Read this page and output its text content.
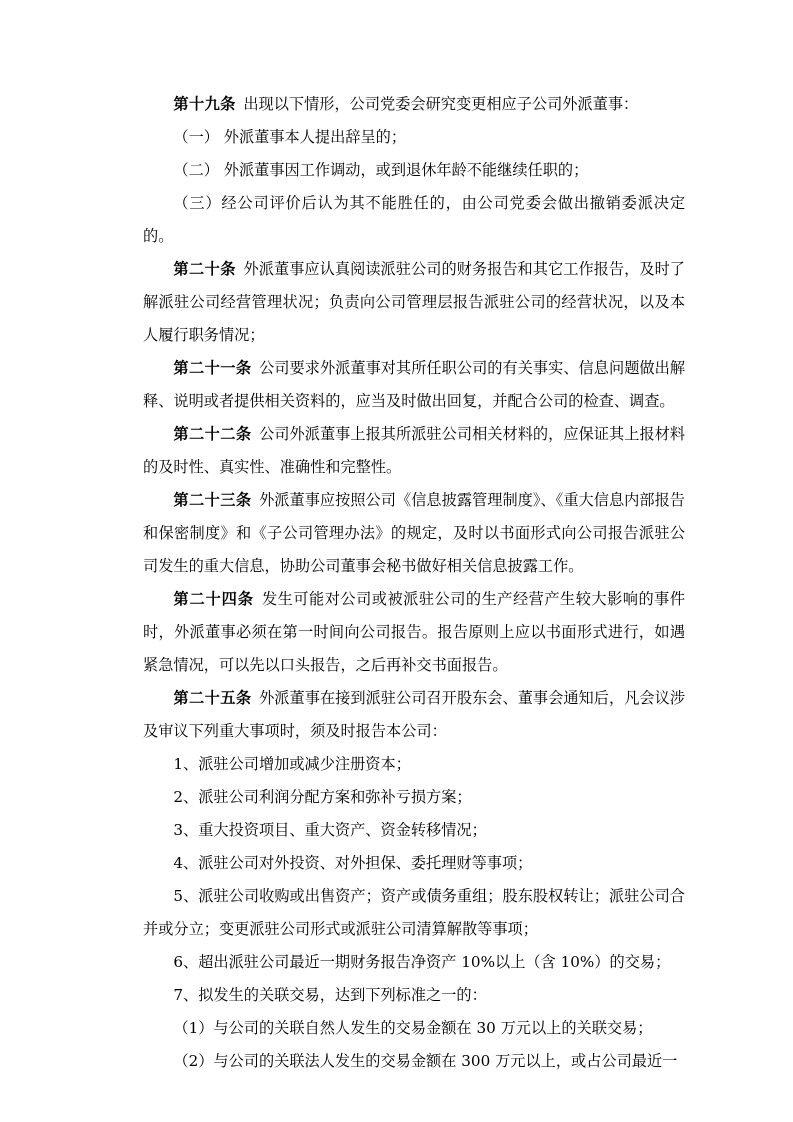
第十九条 出现以下情形，公司党委会研究变更相应子公司外派董事：

（一） 外派董事本人提出辞呈的；

（二） 外派董事因工作调动，或到退休年龄不能继续任职的；

（三）经公司评价后认为其不能胜任的，由公司党委会做出撤销委派决定的。

第二十条 外派董事应认真阅读派驻公司的财务报告和其它工作报告，及时了解派驻公司经营管理状况；负责向公司管理层报告派驻公司的经营状况，以及本人履行职务情况；

第二十一条 公司要求外派董事对其所任职公司的有关事实、信息问题做出解释、说明或者提供相关资料的，应当及时做出回复，并配合公司的检查、调查。

第二十二条 公司外派董事上报其所派驻公司相关材料的，应保证其上报材料的及时性、真实性、准确性和完整性。

第二十三条 外派董事应按照公司《信息披露管理制度》、《重大信息内部报告和保密制度》和《子公司管理办法》的规定，及时以书面形式向公司报告派驻公司发生的重大信息，协助公司董事会秘书做好相关信息披露工作。

第二十四条 发生可能对公司或被派驻公司的生产经营产生较大影响的事件时，外派董事必须在第一时间向公司报告。报告原则上应以书面形式进行，如遇紧急情况，可以先以口头报告，之后再补交书面报告。

第二十五条 外派董事在接到派驻公司召开股东会、董事会通知后，凡会议涉及审议下列重大事项时，须及时报告本公司：

1、派驻公司增加或减少注册资本；

2、派驻公司利润分配方案和弥补亏损方案；

3、重大投资项目、重大资产、资金转移情况；

4、派驻公司对外投资、对外担保、委托理财等事项；

5、派驻公司收购或出售资产；资产或债务重组；股东股权转让；派驻公司合并或分立；变更派驻公司形式或派驻公司清算解散等事项；

6、超出派驻公司最近一期财务报告净资产 10%以上（含 10%）的交易；

7、拟发生的关联交易，达到下列标准之一的：

（1）与公司的关联自然人发生的交易金额在 30 万元以上的关联交易；

（2）与公司的关联法人发生的交易金额在 300 万元以上，或占公司最近一
